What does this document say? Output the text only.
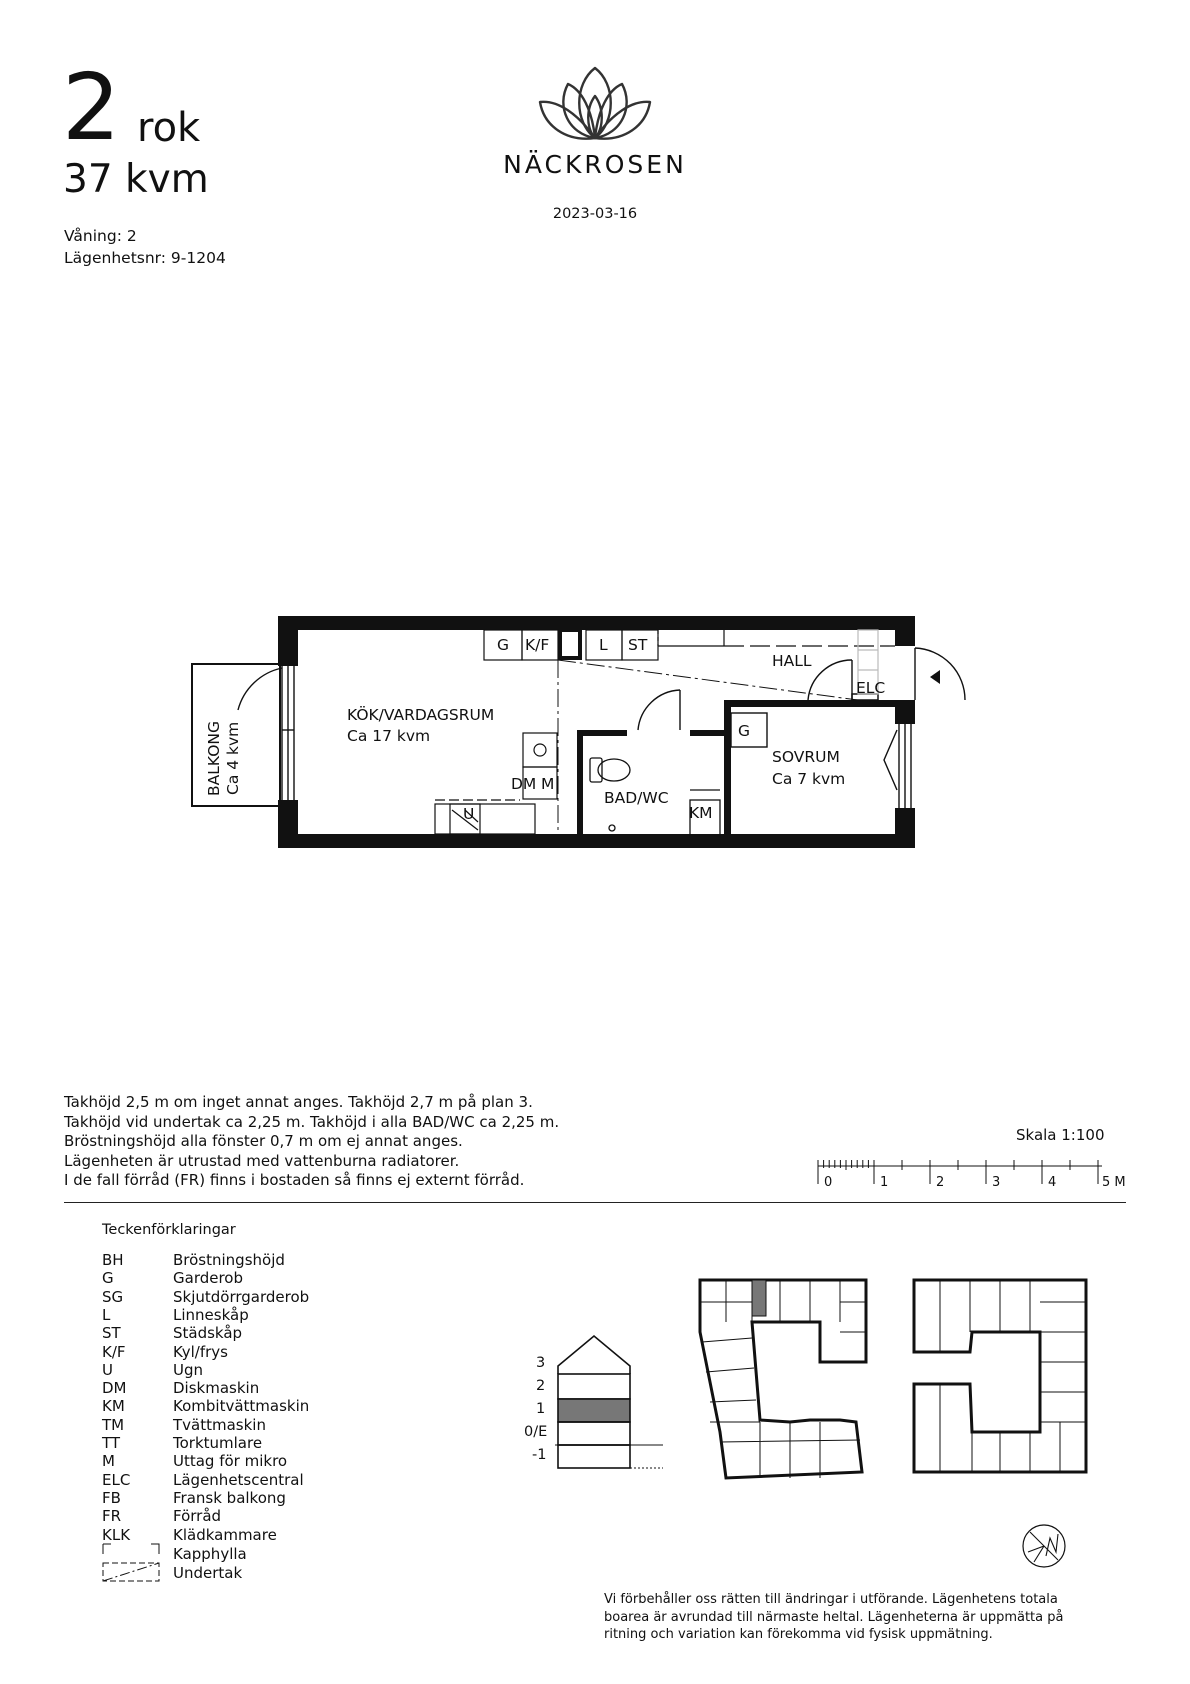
2 rok
37 kvm
Våning: 2
Lägenhetsnr: 9-1204
NÄCKROSEN
2023-03-16
G K/F	L ST
HALL
ELC
KÖK/VARDAGSRUM
Ca 17 kvm	G
SOVRUM
Ca 7 kvm
DM M
BAD/WC
KM
U
BALKONG Ca 4 kvm
Takhöjd 2,5 m om inget annat anges. Takhöjd 2,7 m på plan 3.
Takhöjd vid undertak ca 2,25 m. Takhöjd i alla BAD/WC ca 2,25 m.
Bröstningshöjd alla fönster 0,7 m om ej annat anges.
Lägenheten är utrustad med vattenburna radiatorer.
I de fall förråd (FR) finns i bostaden så finns ej externt förråd.
Skala 1:100
0	1	2	3	4	5 M
Teckenförklaringar
BH	Bröstningshöjd
G	Garderob
SG	Skjutdörrgarderob
L	Linneskåp
ST	Städskåp
K/F	Kyl/frys
U	Ugn
DM	Diskmaskin
KM	Kombitvättmaskin
TM	Tvättmaskin
TT	Torktumlare
M	Uttag för mikro
ELC	Lägenhetscentral
FB	Fransk balkong
FR	Förråd
KLK	Klädkammare
Kapphylla
Undertak
3
2
1
0/E
-1
Vi förbehåller oss rätten till ändringar i utförande. Lägenhetens totala boarea är avrundad till närmaste heltal. Lägenheterna är uppmätta på ritning och variation kan förekomma vid fysisk uppmätning.
